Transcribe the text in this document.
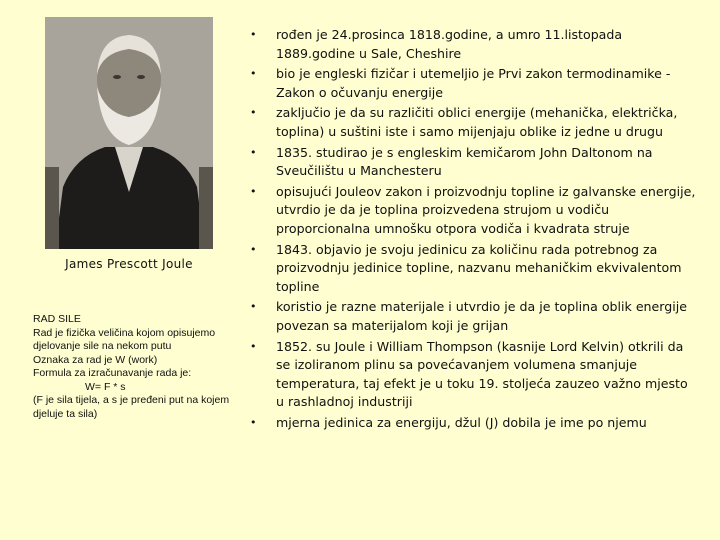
James Prescott Joule

RAD SILE

Rad je fizička veličina kojom opisujemo djelovanje sile na nekom putu

Oznaka za rad je W (work)

Formula za izračunavanje rada je:

W= F * s

(F je sila tijela, a s je pređeni put na kojem djeluje ta sila)

• rođen je 24.prosinca 1818.godine, a umro 11.listopada 1889.godine u Sale, Cheshire
• bio je engleski fizičar i utemeljio je Prvi zakon termodinamike - Zakon o očuvanju energije
• zaključio je da su različiti oblici energije (mehanička, električka, toplina) u suštini iste i samo mijenjaju oblike iz jedne u drugu
• 1835. studirao je s engleskim kemičarom John Daltonom na Sveučilištu u Manchesteru
• opisujući Jouleov zakon i proizvodnju topline iz galvanske energije, utvrdio je da je toplina proizvedena strujom u vodiču proporcionalna umnošku otpora vodiča i kvadrata struje
• 1843. objavio je svoju jedinicu za količinu rada potrebnog za proizvodnju jedinice topline, nazvanu mehaničkim ekvivalentom topline
• koristio je razne materijale i utvrdio je da je toplina oblik energije povezan sa materijalom koji je grijan
• 1852. su Joule i William Thompson (kasnije Lord Kelvin) otkrili da se izoliranom plinu sa povećavanjem volumena smanjuje temperatura, taj efekt je u toku 19. stoljeća zauzeo važno mjesto u rashladnoj industriji
• mjerna jedinica za energiju, džul (J) dobila je ime po njemu
